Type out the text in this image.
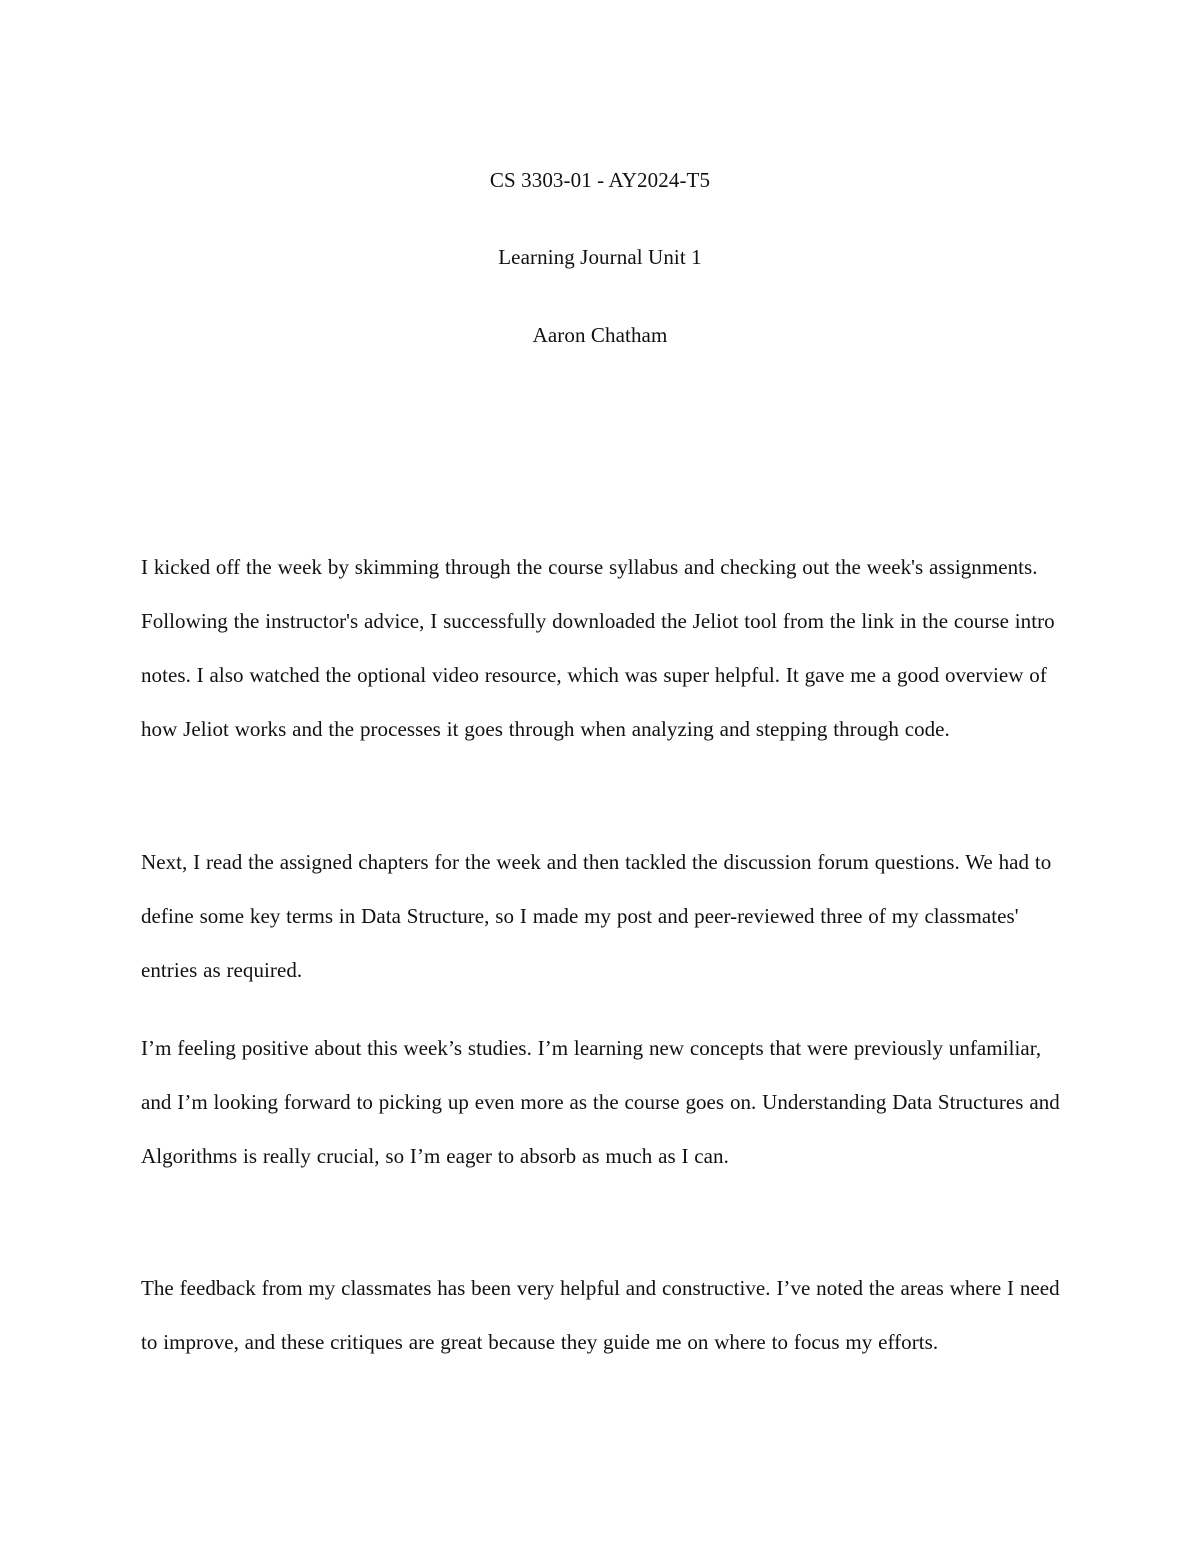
CS 3303-01 - AY2024-T5
Learning Journal Unit 1
Aaron Chatham

I kicked off the week by skimming through the course syllabus and checking out the week's assignments. Following the instructor's advice, I successfully downloaded the Jeliot tool from the link in the course intro notes. I also watched the optional video resource, which was super helpful. It gave me a good overview of how Jeliot works and the processes it goes through when analyzing and stepping through code.

Next, I read the assigned chapters for the week and then tackled the discussion forum questions. We had to define some key terms in Data Structure, so I made my post and peer-reviewed three of my classmates' entries as required.

I’m feeling positive about this week’s studies. I’m learning new concepts that were previously unfamiliar, and I’m looking forward to picking up even more as the course goes on. Understanding Data Structures and Algorithms is really crucial, so I’m eager to absorb as much as I can.

The feedback from my classmates has been very helpful and constructive. I’ve noted the areas where I need to improve, and these critiques are great because they guide me on where to focus my efforts.
